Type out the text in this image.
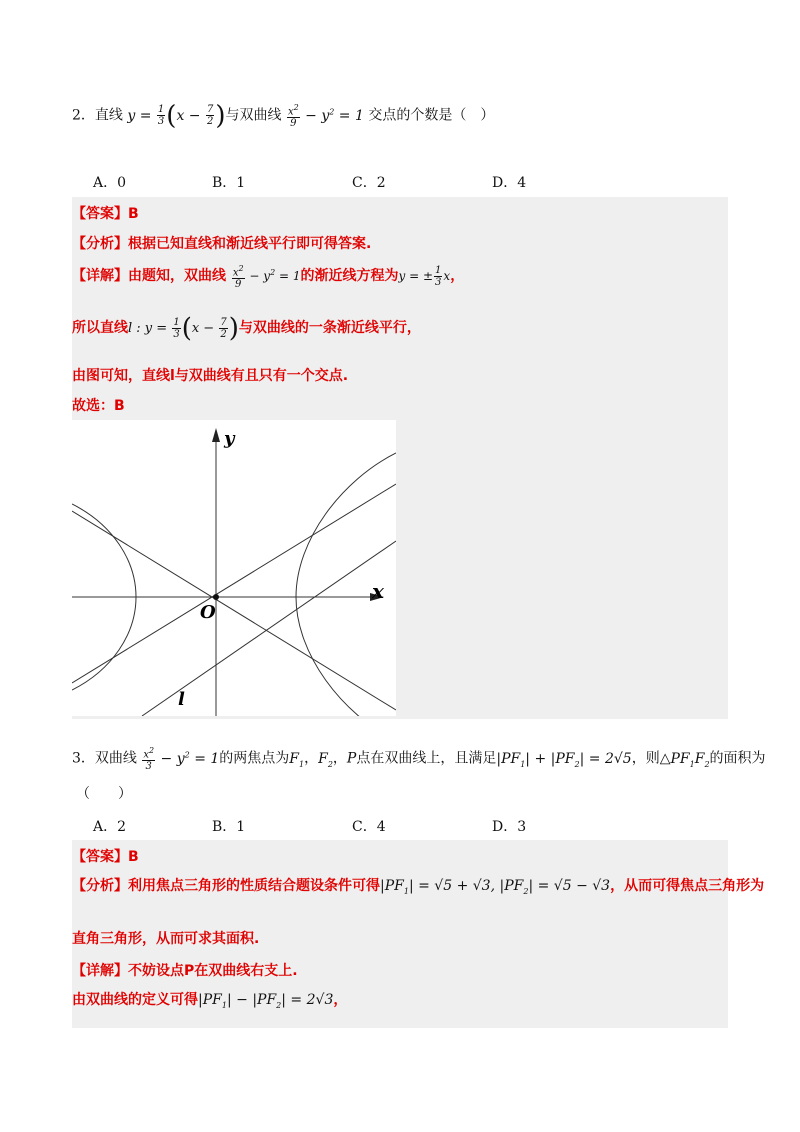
2．直线 $y = \frac{1}{3} (x - \frac{7}{2}$ )与双曲线 $\frac{x^2}{9} - y^2 = 1$ 交点的个数是（　）
A．0	B．1	C．2	D．4
【答案】B
【分析】根据已知直线和渐近线平行即可得答案.
【详解】由题知，双曲线 $\frac{x^2}{9} - y^2 = 1$的渐近线方程为y = ± $\frac{1}{3}$ x，
所以直线l : $y = \frac{1}{3} (x - \frac{7}{2}$ )与双曲线的一条渐近线平行，
由图可知，直线l与双曲线有且只有一个交点.
故选：B
y
x
O
l
3．双曲线 $\frac{x^2}{3} - y^2 = 1$的两焦点为$F_1$，$F_2$，P点在双曲线上，且满足$|PF_1| + |PF_2| = 2√5$，则$\triangle PF_1F_2$的面积为
（　　）
A．2	B．1	C．4	D．3
【答案】B
【分析】利用焦点三角形的性质结合题设条件可得$|PF_1| = √5 + √3$, $|PF_2| = √5 - √3$，从而可得焦点三角形为
直角三角形，从而可求其面积.
【详解】不妨设点P在双曲线右支上.
由双曲线的定义可得$|PF_1| - |PF_2| = 2√3$，
